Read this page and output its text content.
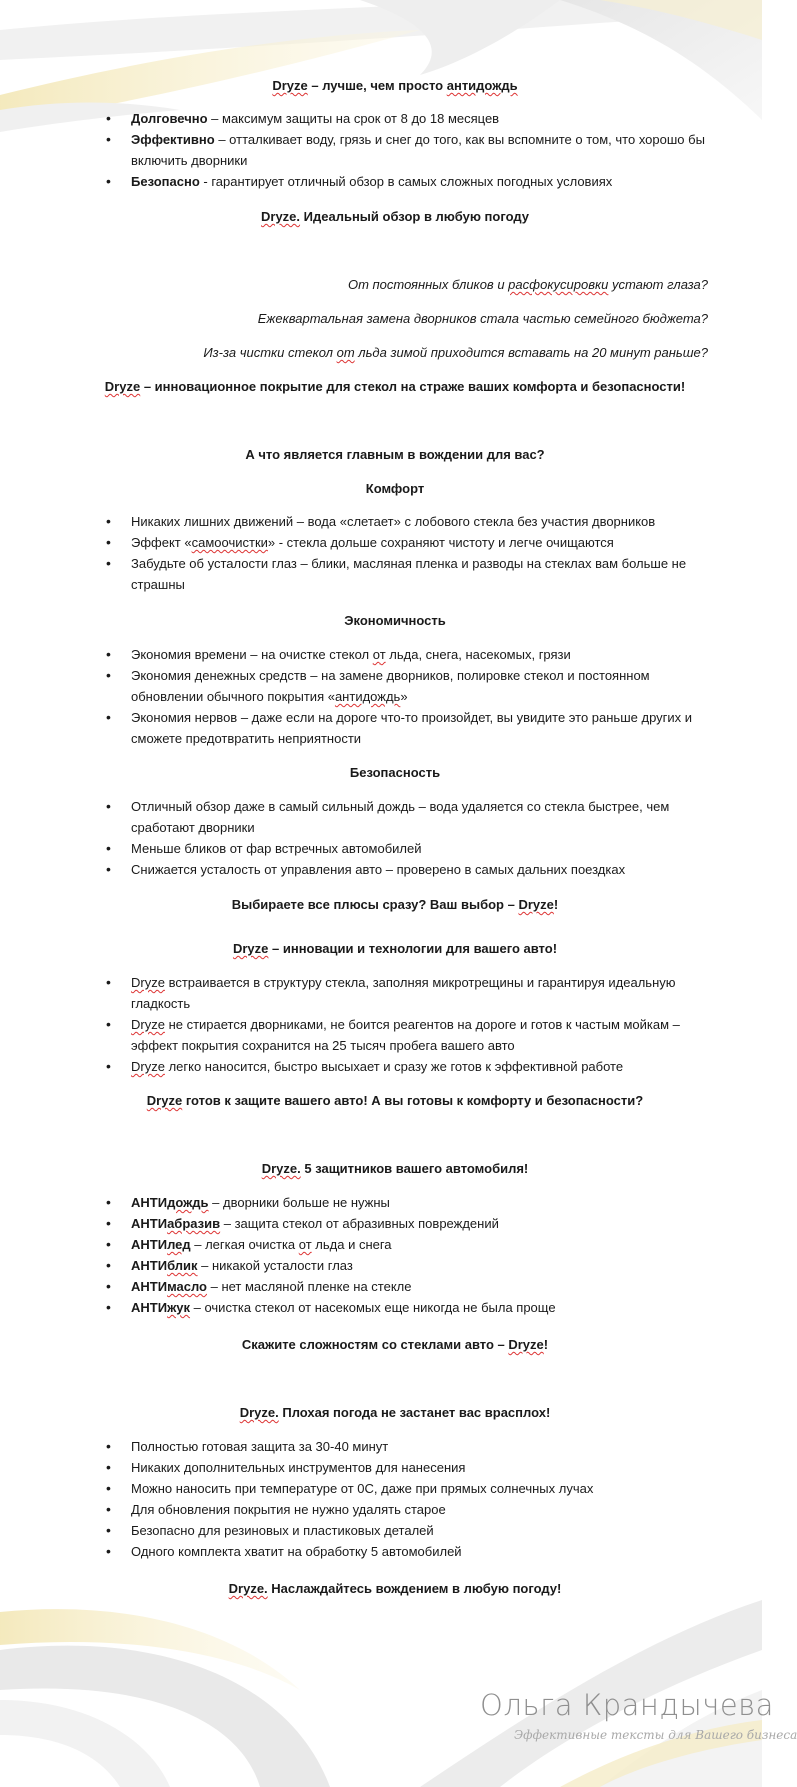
Dryze – лучше, чем просто антидождь
• Долговечно – максимум защиты на срок от 8 до 18 месяцев
• Эффективно – отталкивает воду, грязь и снег до того, как вы вспомните о том, что хорошо бы включить дворники
• Безопасно - гарантирует отличный обзор в самых сложных погодных условиях
Dryze. Идеальный обзор в любую погоду
От постоянных бликов и расфокусировки устают глаза?
Ежеквартальная замена дворников стала частью семейного бюджета?
Из-за чистки стекол от льда зимой приходится вставать на 20 минут раньше?
Dryze – инновационное покрытие для стекол на страже ваших комфорта и безопасности!
А что является главным в вождении для вас?
Комфорт
• Никаких лишних движений – вода «слетает» с лобового стекла без участия дворников
• Эффект «самоочистки» - стекла дольше сохраняют чистоту и легче очищаются
• Забудьте об усталости глаз – блики, масляная пленка и разводы на стеклах вам больше не страшны
Экономичность
• Экономия времени – на очистке стекол от льда, снега, насекомых, грязи
• Экономия денежных средств – на замене дворников, полировке стекол и постоянном обновлении обычного покрытия «антидождь»
• Экономия нервов – даже если на дороге что-то произойдет, вы увидите это раньше других и сможете предотвратить неприятности
Безопасность
• Отличный обзор даже в самый сильный дождь – вода удаляется со стекла быстрее, чем сработают дворники
• Меньше бликов от фар встречных автомобилей
• Снижается усталость от управления авто – проверено в самых дальних поездках
Выбираете все плюсы сразу? Ваш выбор – Dryze!
Dryze – инновации и технологии для вашего авто!
• Dryze встраивается в структуру стекла, заполняя микротрещины и гарантируя идеальную гладкость
• Dryze не стирается дворниками, не боится реагентов на дороге и готов к частым мойкам – эффект покрытия сохранится на 25 тысяч пробега вашего авто
• Dryze легко наносится, быстро высыхает и сразу же готов к эффективной работе
Dryze готов к защите вашего авто! А вы готовы к комфорту и безопасности?
Dryze. 5 защитников вашего автомобиля!
• АНТИдождь – дворники больше не нужны
• АНТИабразив – защита стекол от абразивных повреждений
• АНТИлед – легкая очистка от льда и снега
• АНТИблик – никакой усталости глаз
• АНТИмасло – нет масляной пленке на стекле
• АНТИжук – очистка стекол от насекомых еще никогда не была проще
Скажите сложностям со стеклами авто – Dryze!
Dryze. Плохая погода не застанет вас врасплох!
• Полностью готовая защита за 30-40 минут
• Никаких дополнительных инструментов для нанесения
• Можно наносить при температуре от 0С, даже при прямых солнечных лучах
• Для обновления покрытия не нужно удалять старое
• Безопасно для резиновых и пластиковых деталей
• Одного комплекта хватит на обработку 5 автомобилей
Dryze. Наслаждайтесь вождением в любую погоду!
Ольга Крандычева
Эффективные тексты для Вашего бизнеса
